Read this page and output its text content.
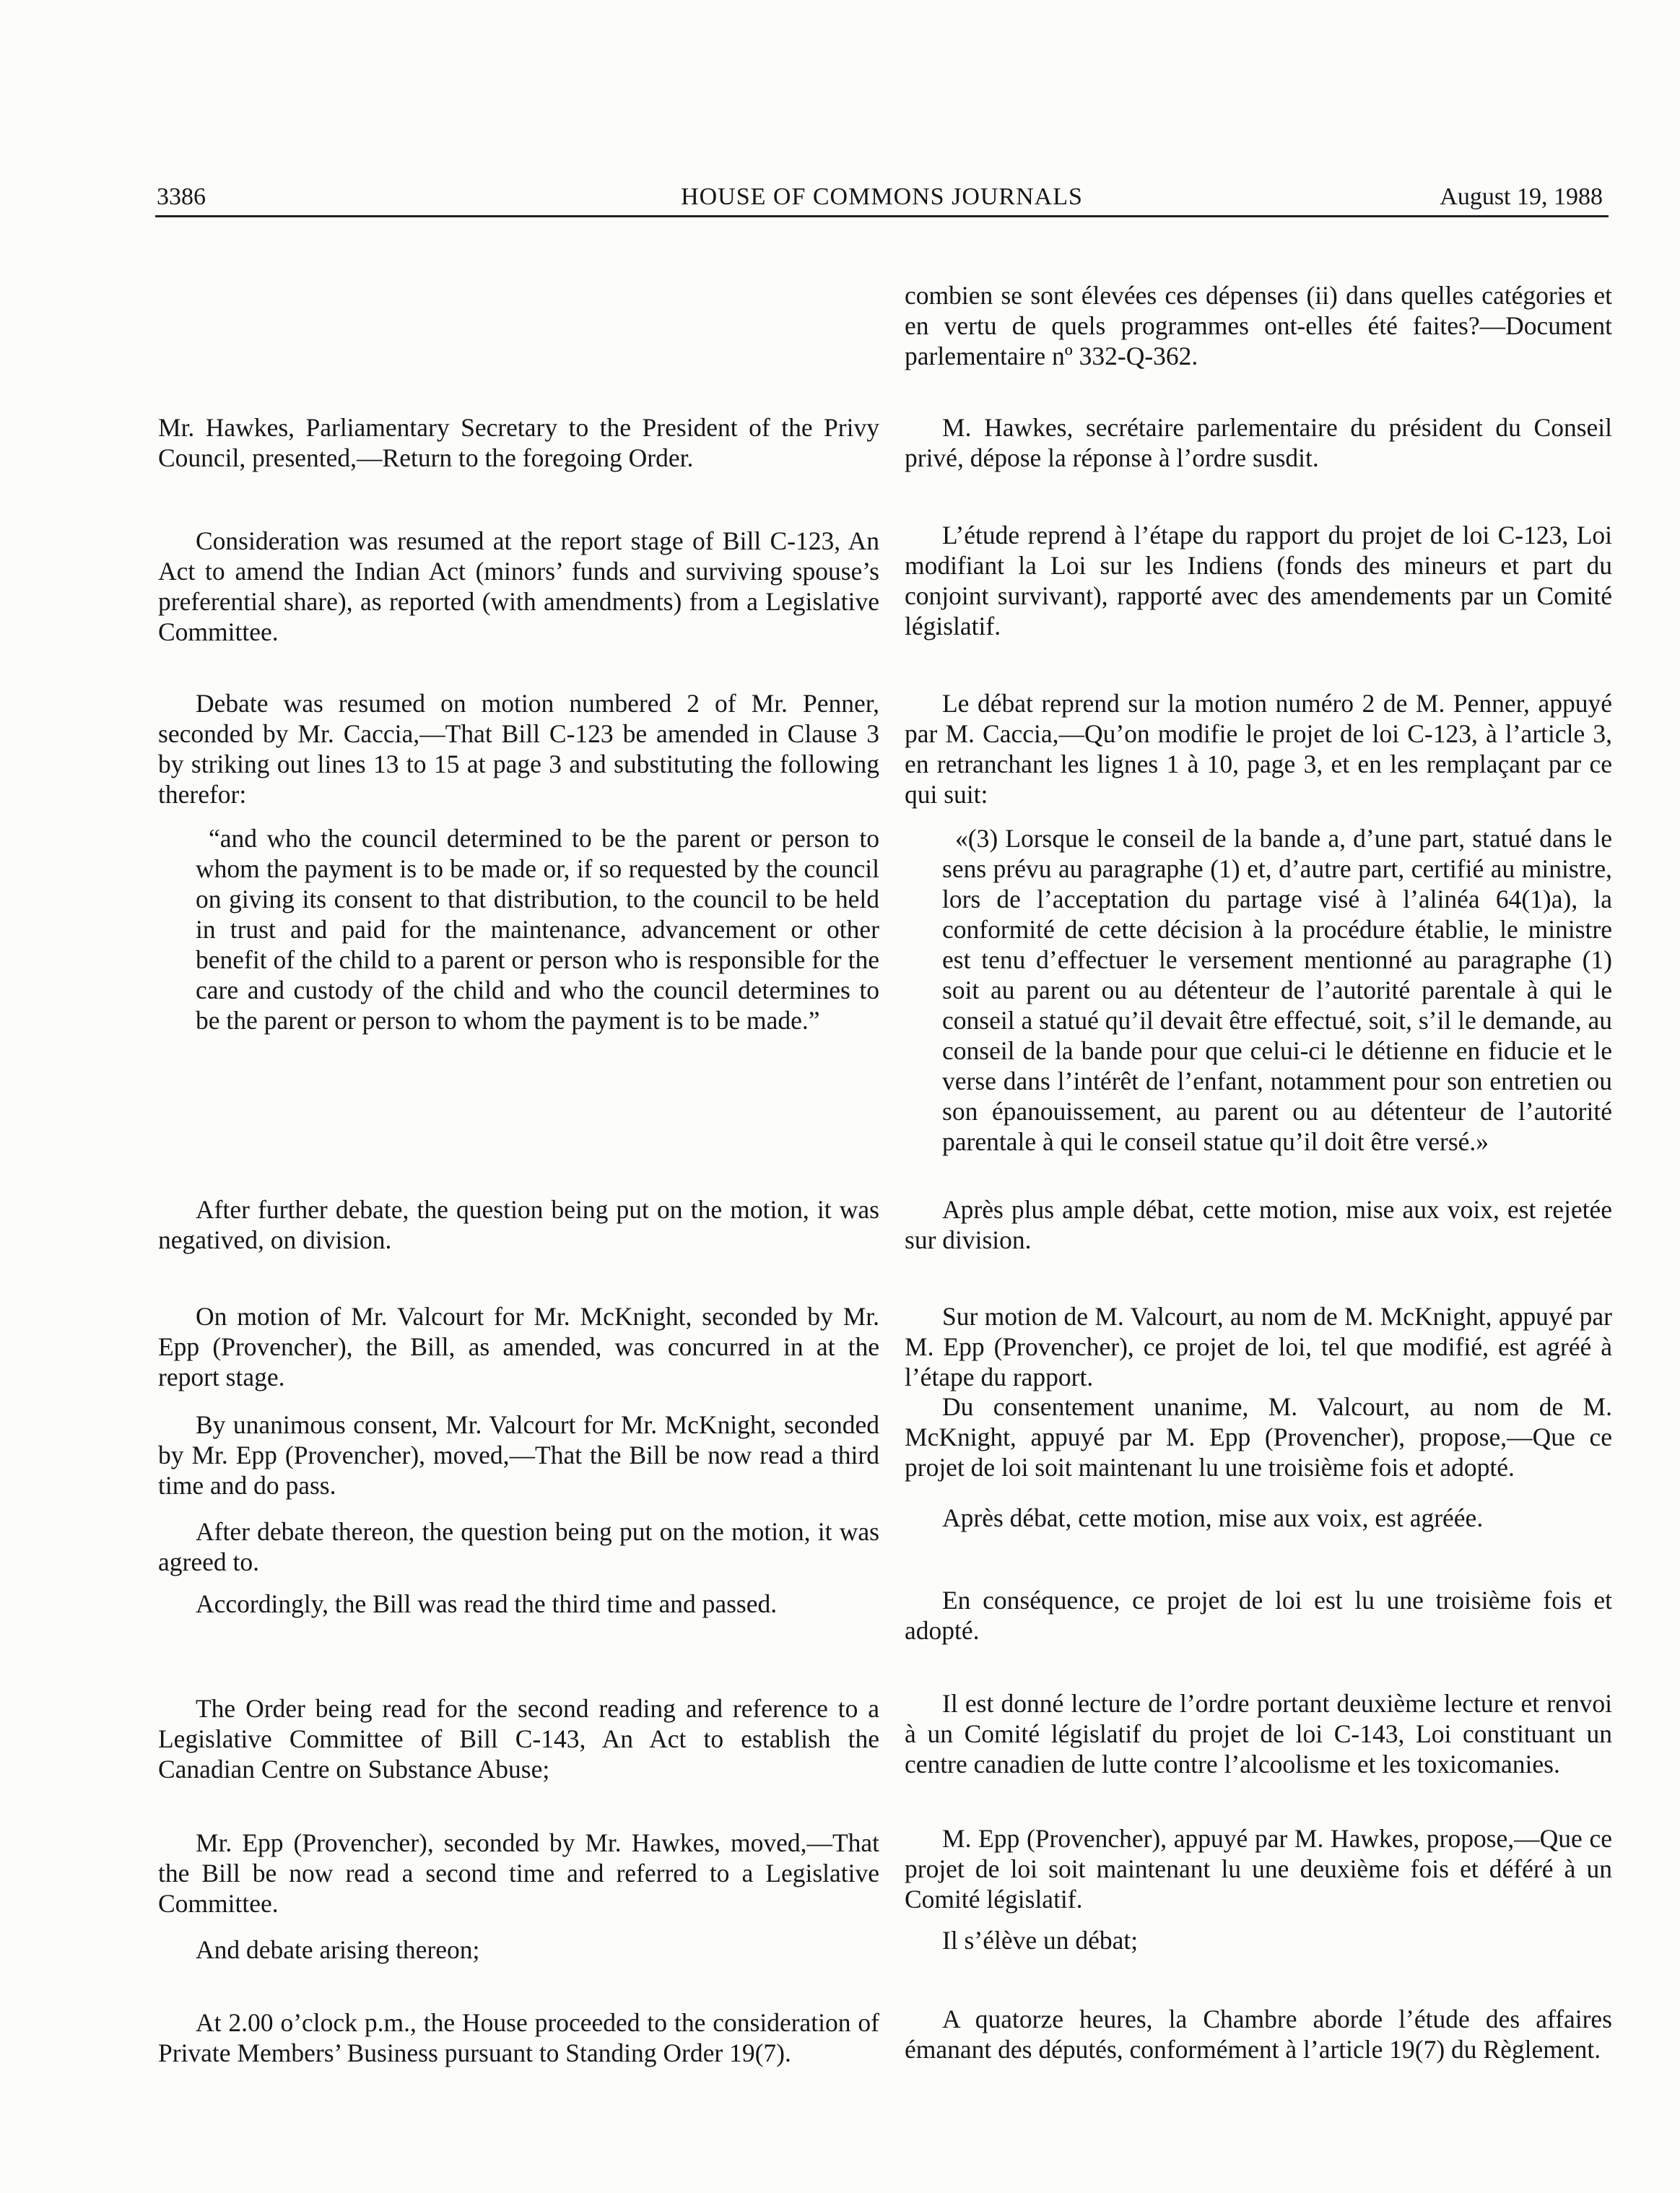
3386	HOUSE OF COMMONS JOURNALS	August 19, 1988

Mr. Hawkes, Parliamentary Secretary to the President of the Privy Council, presented,—Return to the foregoing Order.

Consideration was resumed at the report stage of Bill C-123, An Act to amend the Indian Act (minors’ funds and surviving spouse’s preferential share), as reported (with amendments) from a Legislative Committee.

Debate was resumed on motion numbered 2 of Mr. Penner, seconded by Mr. Caccia,—That Bill C-123 be amended in Clause 3 by striking out lines 13 to 15 at page 3 and substituting the following therefor:

“and who the council determined to be the parent or person to whom the payment is to be made or, if so requested by the council on giving its consent to that distribution, to the council to be held in trust and paid for the maintenance, advancement or other benefit of the child to a parent or person who is responsible for the care and custody of the child and who the council determines to be the parent or person to whom the payment is to be made.”

After further debate, the question being put on the motion, it was negatived, on division.

On motion of Mr. Valcourt for Mr. McKnight, seconded by Mr. Epp (Provencher), the Bill, as amended, was concurred in at the report stage.

By unanimous consent, Mr. Valcourt for Mr. McKnight, seconded by Mr. Epp (Provencher), moved,—That the Bill be now read a third time and do pass.

After debate thereon, the question being put on the motion, it was agreed to.

Accordingly, the Bill was read the third time and passed.

The Order being read for the second reading and reference to a Legislative Committee of Bill C-143, An Act to establish the Canadian Centre on Substance Abuse;

Mr. Epp (Provencher), seconded by Mr. Hawkes, moved,—That the Bill be now read a second time and referred to a Legislative Committee.

And debate arising thereon;

At 2.00 o’clock p.m., the House proceeded to the consideration of Private Members’ Business pursuant to Standing Order 19(7).

combien se sont élevées ces dépenses (ii) dans quelles catégories et en vertu de quels programmes ont-elles été faites?—Document parlementaire nº 332-Q-362.

M. Hawkes, secrétaire parlementaire du président du Conseil privé, dépose la réponse à l’ordre susdit.

L’étude reprend à l’étape du rapport du projet de loi C-123, Loi modifiant la Loi sur les Indiens (fonds des mineurs et part du conjoint survivant), rapporté avec des amendements par un Comité législatif.

Le débat reprend sur la motion numéro 2 de M. Penner, appuyé par M. Caccia,—Qu’on modifie le projet de loi C-123, à l’article 3, en retranchant les lignes 1 à 10, page 3, et en les remplaçant par ce qui suit:

«(3) Lorsque le conseil de la bande a, d’une part, statué dans le sens prévu au paragraphe (1) et, d’autre part, certifié au ministre, lors de l’acceptation du partage visé à l’alinéa 64(1)a), la conformité de cette décision à la procédure établie, le ministre est tenu d’effectuer le versement mentionné au paragraphe (1) soit au parent ou au détenteur de l’autorité parentale à qui le conseil a statué qu’il devait être effectué, soit, s’il le demande, au conseil de la bande pour que celui-ci le détienne en fiducie et le verse dans l’intérêt de l’enfant, notamment pour son entretien ou son épanouissement, au parent ou au détenteur de l’autorité parentale à qui le conseil statue qu’il doit être versé.»

Après plus ample débat, cette motion, mise aux voix, est rejetée sur division.

Sur motion de M. Valcourt, au nom de M. McKnight, appuyé par M. Epp (Provencher), ce projet de loi, tel que modifié, est agréé à l’étape du rapport.

Du consentement unanime, M. Valcourt, au nom de M. McKnight, appuyé par M. Epp (Provencher), propose,—Que ce projet de loi soit maintenant lu une troisième fois et adopté.

Après débat, cette motion, mise aux voix, est agréée.

En conséquence, ce projet de loi est lu une troisième fois et adopté.

Il est donné lecture de l’ordre portant deuxième lecture et renvoi à un Comité législatif du projet de loi C-143, Loi constituant un centre canadien de lutte contre l’alcoolisme et les toxicomanies.

M. Epp (Provencher), appuyé par M. Hawkes, propose,—Que ce projet de loi soit maintenant lu une deuxième fois et déféré à un Comité législatif.

Il s’élève un débat;

A quatorze heures, la Chambre aborde l’étude des affaires émanant des députés, conformément à l’article 19(7) du Règlement.
